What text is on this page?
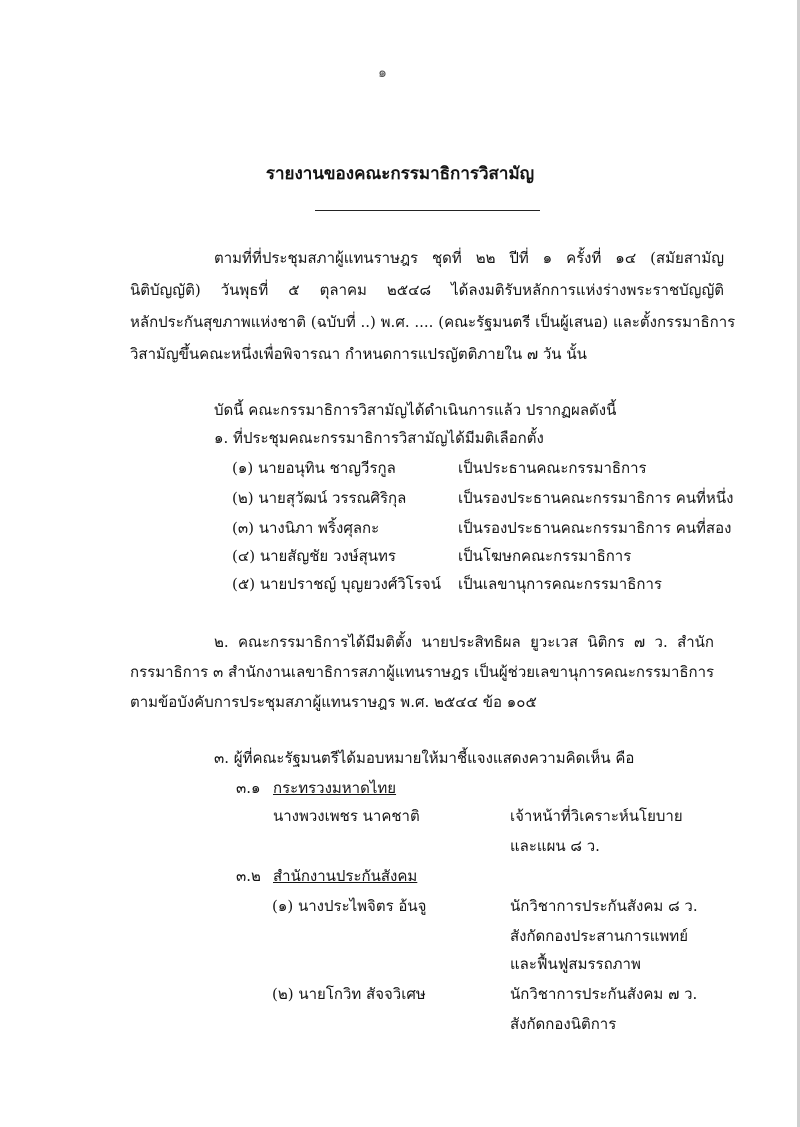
๑
รายงานของคณะกรรมาธิการวิสามัญ
ตามที่ที่ประชุมสภาผู้แทนราษฎร ชุดที่ ๒๒ ปีที่ ๑ ครั้งที่ ๑๔ (สมัยสามัญ
นิติบัญญัติ) วันพุธที่ ๕ ตุลาคม ๒๕๔๘ ได้ลงมติรับหลักการแห่งร่างพระราชบัญญัติ
หลักประกันสุขภาพแห่งชาติ (ฉบับที่ ..) พ.ศ. .... (คณะรัฐมนตรี เป็นผู้เสนอ) และตั้งกรรมาธิการ
วิสามัญขึ้นคณะหนึ่งเพื่อพิจารณา กำหนดการแปรญัตติภายใน ๗ วัน นั้น
บัดนี้ คณะกรรมาธิการวิสามัญได้ดำเนินการแล้ว ปรากฏผลดังนี้
๑. ที่ประชุมคณะกรรมาธิการวิสามัญได้มีมติเลือกตั้ง
(๑) นายอนุทิน ชาญวีรกูล	เป็นประธานคณะกรรมาธิการ
(๒) นายสุวัฒน์ วรรณศิริกุล	เป็นรองประธานคณะกรรมาธิการ คนที่หนึ่ง
(๓) นางนิภา พริ้งศุลกะ	เป็นรองประธานคณะกรรมาธิการ คนที่สอง
(๔) นายสัญชัย วงษ์สุนทร	เป็นโฆษกคณะกรรมาธิการ
(๕) นายปราชญ์ บุญยวงศ์วิโรจน์ เป็นเลขานุการคณะกรรมาธิการ
๒. คณะกรรมาธิการได้มีมติตั้ง นายประสิทธิผล ยูวะเวส นิติกร ๗ ว. สำนัก
กรรมาธิการ ๓ สำนักงานเลขาธิการสภาผู้แทนราษฎร เป็นผู้ช่วยเลขานุการคณะกรรมาธิการ
ตามข้อบังคับการประชุมสภาผู้แทนราษฎร พ.ศ. ๒๕๔๔ ข้อ ๑๐๕
๓. ผู้ที่คณะรัฐมนตรีได้มอบหมายให้มาชี้แจงแสดงความคิดเห็น คือ
๓.๑ กระทรวงมหาดไทย
นางพวงเพชร นาคชาติ	เจ้าหน้าที่วิเคราะห์นโยบาย
และแผน ๘ ว.
๓.๒ สำนักงานประกันสังคม
(๑) นางประไพจิตร อ้นจู	นักวิชาการประกันสังคม ๘ ว.
สังกัดกองประสานการแพทย์
และฟื้นฟูสมรรถภาพ
(๒) นายโกวิท สัจจวิเศษ	นักวิชาการประกันสังคม ๗ ว.
สังกัดกองนิติการ
